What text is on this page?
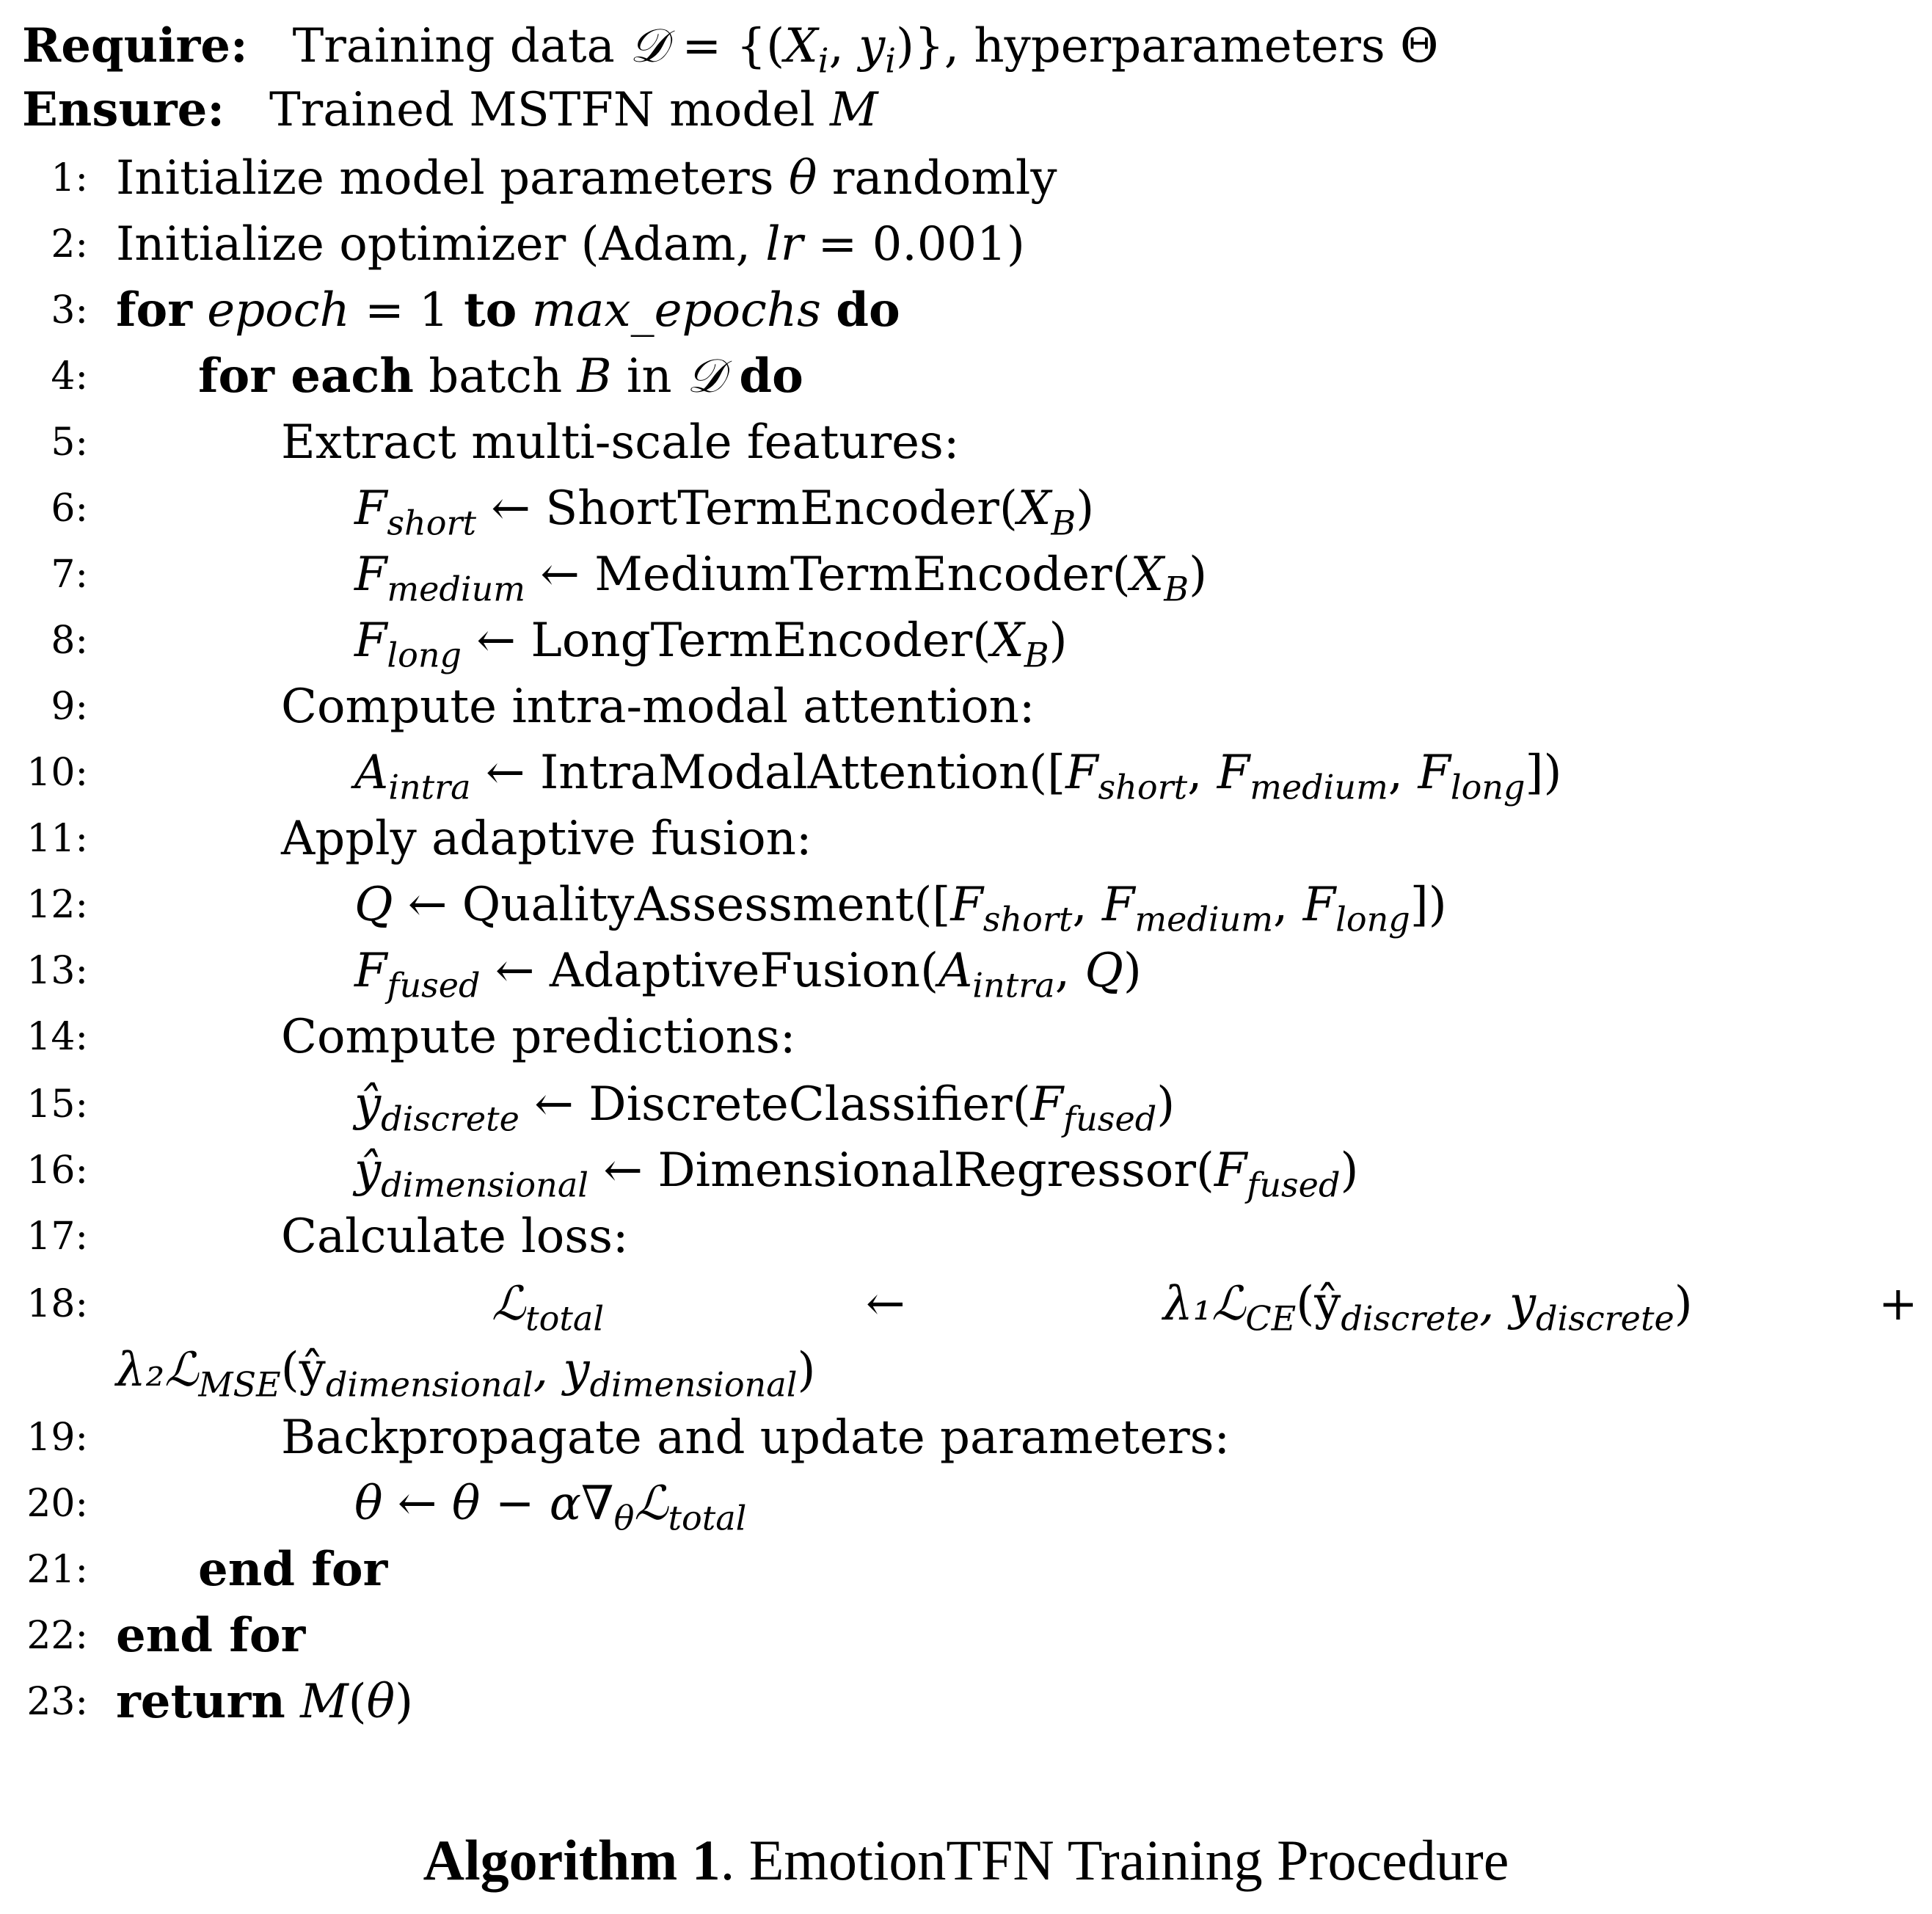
Require:   Training data 𝒟 = {($X_i$, $y_i$)}, hyperparameters Θ
Ensure:   Trained MSTFN model M
1: Initialize model parameters θ randomly
2: Initialize optimizer (Adam, lr = 0.001)
3: for epoch = 1 to max_epochs do
4: for each batch B in 𝒟 do
5:	Extract multi-scale features:
6:	$F_{short}$ ← $ShortTermEncoder(X_B)$
7:	$F_{medium}$ ← $MediumTermEncoder(X_B)$
8:	$F_{long}$ ← $LongTermEncoder(X_B)$
9:	Compute intra-modal attention:
10:	$A_{intra}$ ← $IntraModalAttention([F_{short}$, $F_{medium}$, $F_{long}$])
11:	Apply adaptive fusion:
12:	Q ← $QualityAssessment([F_{short}$, $F_{medium}$, $F_{long}$])
13:	$F_{fused}$ ← $AdaptiveFusion(A_{intra}$, Q)
14:	Compute predictions:
15:	$ŷ_{discrete}$ ← $DiscreteClassifier(F_{fused})$
16:	$ŷ_{dimensional}$ ← $DimensionalRegressor(F_{fused})$
17:	Calculate loss:
18:	ℒ$_{total}$	←	$\lambda_1ℒ_{CE}(ŷ_{discrete}$, $y_{discrete}$)	+
$\lambda_2ℒ_{MSE}(ŷ_{dimensional}$, $y_{dimensional}$)
19:	Backpropagate and update parameters:
20:	θ ← $\theta - \alpha\nabla_\theta ℒ_{total}$
21: end for
22: end for
23: return M(θ)
Algorithm 1. EmotionTFN Training Procedure
